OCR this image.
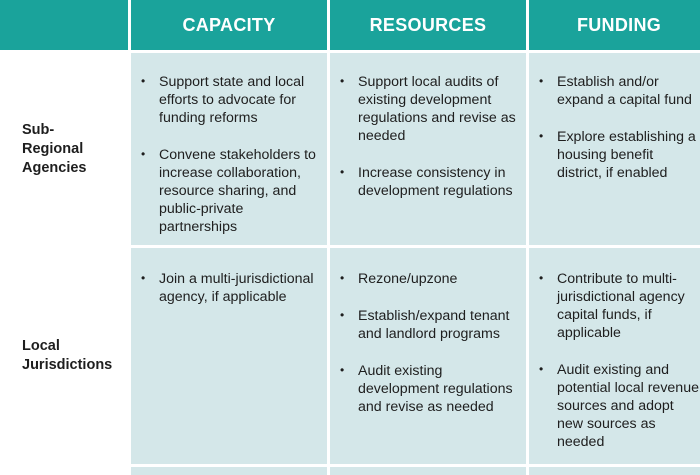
CAPACITY	RESOURCES	FUNDING
Sub-
Regional
Agencies
• Support state and local efforts to advocate for funding reforms
• Convene stakeholders to increase collaboration, resource sharing, and public-private partnerships
• Support local audits of existing development regulations and revise as needed
• Increase consistency in development regulations
• Establish and/or expand a capital fund
• Explore establishing a housing benefit district, if enabled
Local
Jurisdictions
• Join a multi-jurisdictional agency, if applicable
• Rezone/upzone
• Establish/expand tenant and landlord programs
• Audit existing development regulations and revise as needed
• Contribute to multi-jurisdictional agency capital funds, if applicable
• Audit existing and potential local revenue sources and adopt new sources as needed
